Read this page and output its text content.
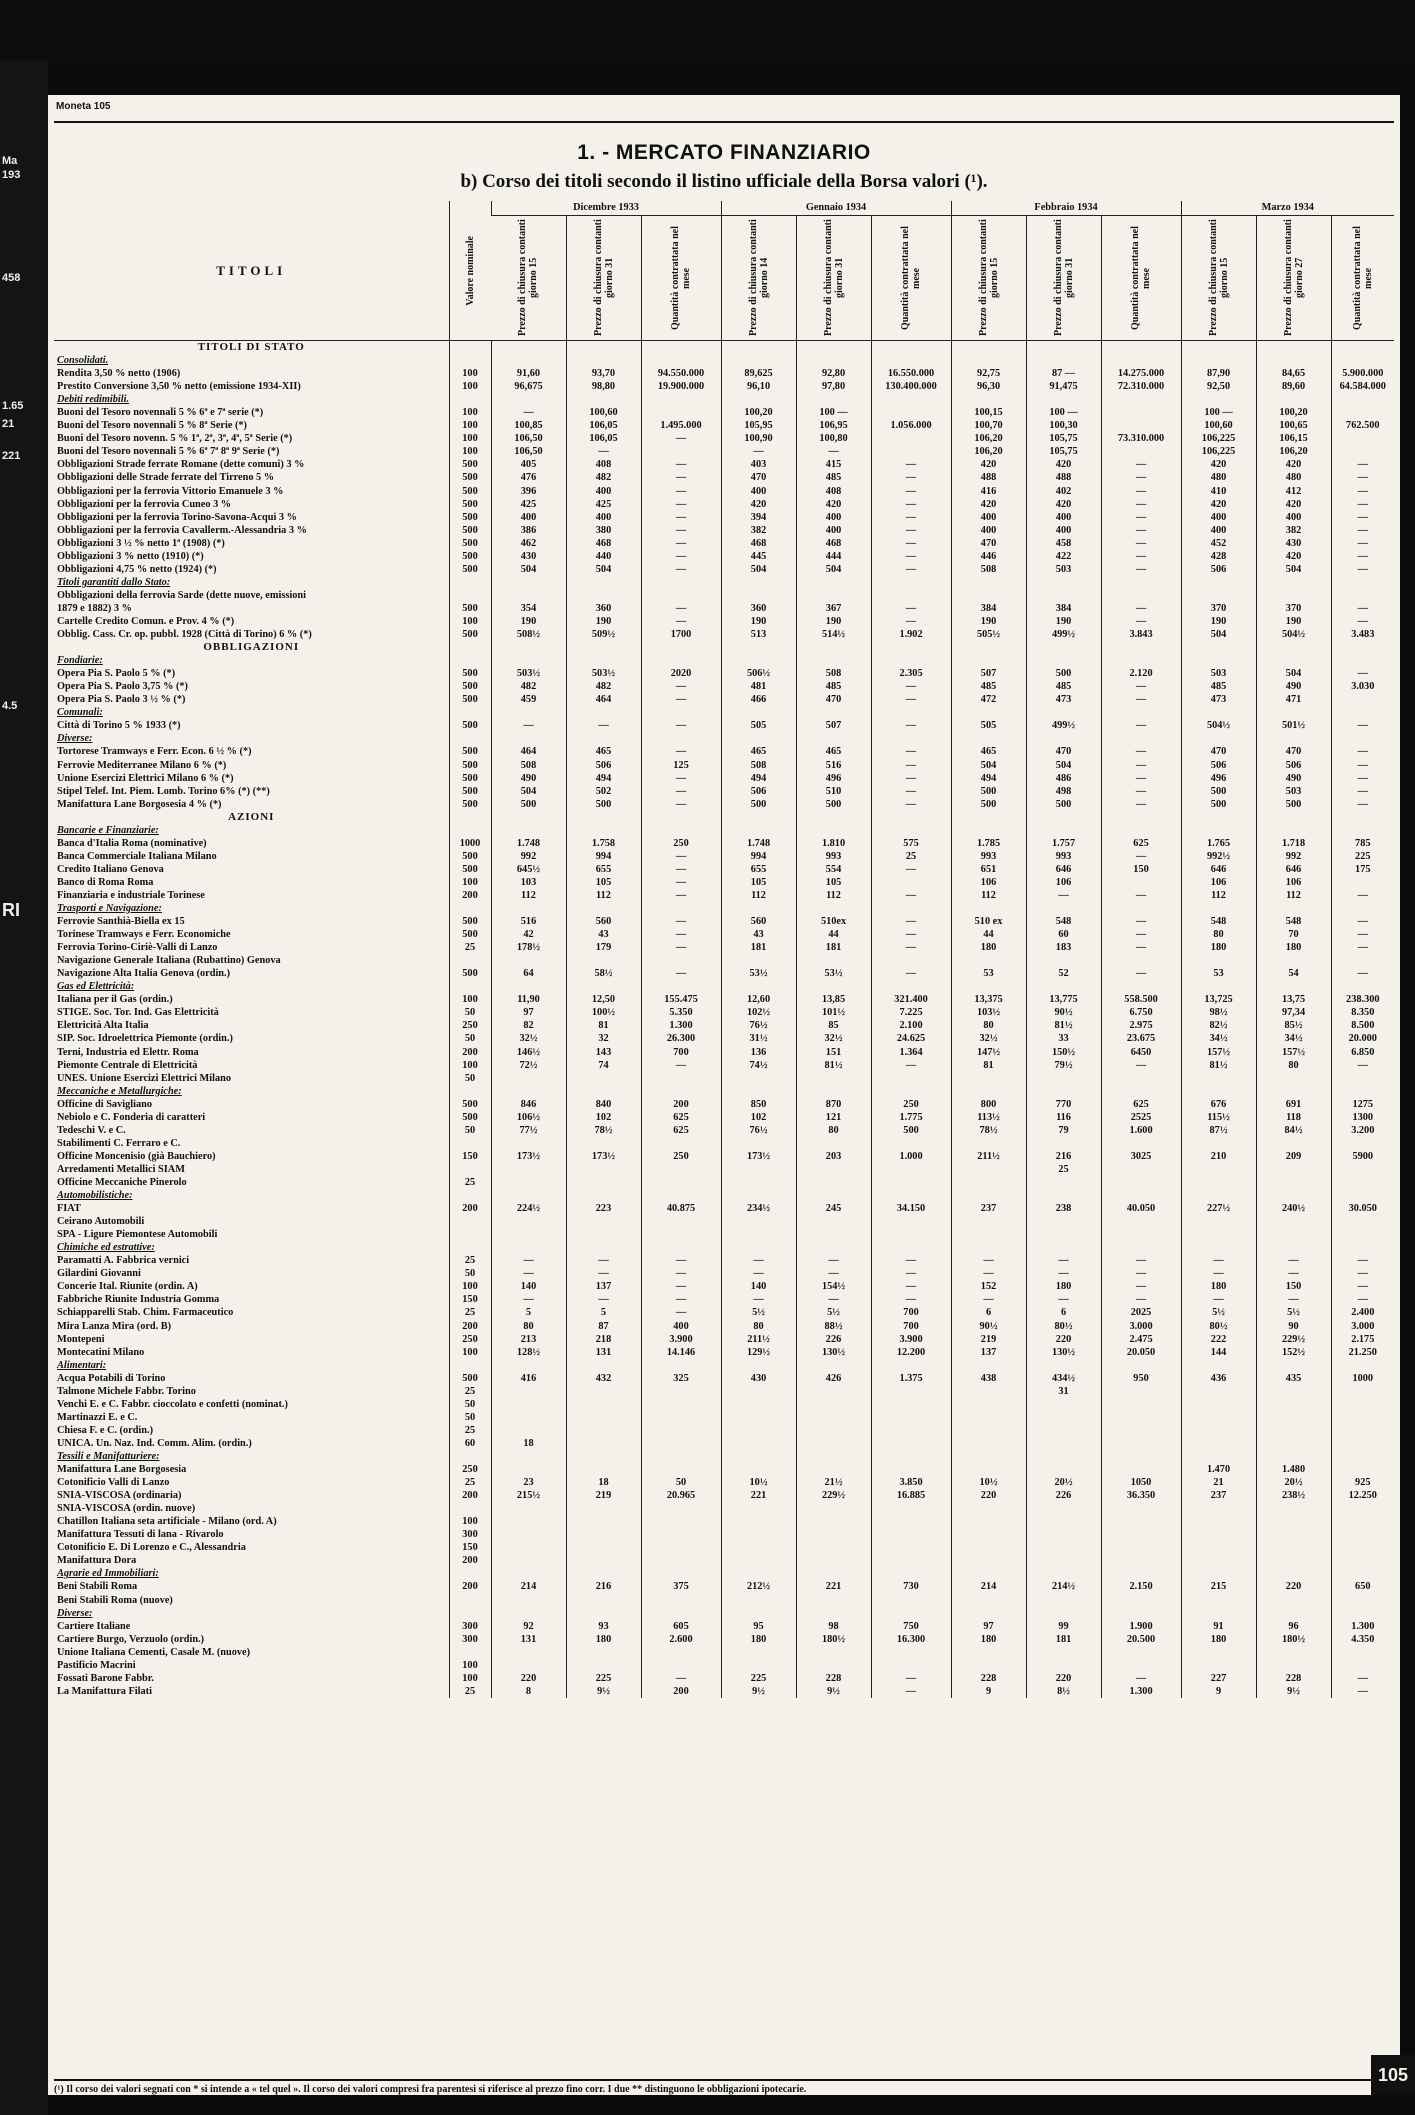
Ma
193
458
1.65
21
221
4.5
RI
Moneta 105
1. - MERCATO FINANZIARIO
b) Corso dei titoli secondo il listino ufficiale della Borsa valori (¹).
TITOLI	Valore nominale	Dicembre 1933			Gennaio 1934			Febbraio 1934			Marzo 1934		

		Prezzo di chiusura contanti giorno 15	Prezzo di chiusura contanti giorno 31	Quantità contrattata nel mese	Prezzo di chiusura contanti giorno 14	Prezzo di chiusura contanti giorno 31	Quantità contrattata nel mese	Prezzo di chiusura contanti giorno 15	Prezzo di chiusura contanti giorno 31	Quantità contrattata nel mese	Prezzo di chiusura contanti giorno 15	Prezzo di chiusura contanti giorno 27	Quantità contrattata nel mese

TITOLI DI STATO													
Consolidati.													
Rendita 3,50 % netto (1906)	100	91,60	93,70	94.550.000	89,625	92,80	16.550.000	92,75	87 —	14.275.000	87,90	84,65	5.900.000
Prestito Conversione 3,50 % netto (emissione 1934-XII)	100	96,675	98,80	19.900.000	96,10	97,80	130.400.000	96,30	91,475	72.310.000	92,50	89,60	64.584.000
Debiti redimibili.													
Buoni del Tesoro novennali 5 % 6ª e 7ª serie (*)	100	—	100,60		100,20	100 —		100,15	100 —		100 —	100,20	
Buoni del Tesoro novennali 5 % 8ª Serie (*)	100	100,85	106,05	1.495.000	105,95	106,95	1.056.000	100,70	100,30		100,60	100,65	762.500
Buoni del Tesoro novenn. 5 % 1ª, 2ª, 3ª, 4ª, 5ª Serie (*)	100	106,50	106,05	—	100,90	100,80		106,20	105,75	73.310.000	106,225	106,15	
Buoni del Tesoro novennali 5 % 6ª 7ª 8ª 9ª Serie (*)	100	106,50	—		—	—		106,20	105,75		106,225	106,20	
Obbligazioni Strade ferrate Romane (dette comuni) 3 %	500	405	408	—	403	415	—	420	420	—	420	420	—
Obbligazioni delle Strade ferrate del Tirreno 5 %	500	476	482	—	470	485	—	488	488	—	480	480	—
Obbligazioni per la ferrovia Vittorio Emanuele 3 %	500	396	400	—	400	408	—	416	402	—	410	412	—
Obbligazioni per la ferrovia Cuneo 3 %	500	425	425	—	420	420	—	420	420	—	420	420	—
Obbligazioni per la ferrovia Torino-Savona-Acqui 3 %	500	400	400	—	394	400	—	400	400	—	400	400	—
Obbligazioni per la ferrovia Cavallerm.-Alessandria 3 %	500	386	380	—	382	400	—	400	400	—	400	382	—
Obbligazioni 3 ½ % netto 1ª (1908) (*)	500	462	468	—	468	468	—	470	458	—	452	430	—
Obbligazioni 3 % netto (1910) (*)	500	430	440	—	445	444	—	446	422	—	428	420	—
Obbligazioni 4,75 % netto (1924) (*)	500	504	504	—	504	504	—	508	503	—	506	504	—
Titoli garantiti dallo Stato:													
Obbligazioni della ferrovia Sarde (dette nuove, emissioni													
1879 e 1882) 3 %	500	354	360	—	360	367	—	384	384	—	370	370	—
Cartelle Credito Comun. e Prov. 4 % (*)	100	190	190	—	190	190	—	190	190	—	190	190	—
Obblig. Cass. Cr. op. pubbl. 1928 (Città di Torino) 6 % (*)	500	508½	509½	1700	513	514½	1.902	505½	499½	3.843	504	504½	3.483
OBBLIGAZIONI													
Fondiarie:													
Opera Pia S. Paolo 5 % (*)	500	503½	503½	2020	506½	508	2.305	507	500	2.120	503	504	—
Opera Pia S. Paolo 3,75 % (*)	500	482	482	—	481	485	—	485	485	—	485	490	3.030
Opera Pia S. Paolo 3 ½ % (*)	500	459	464	—	466	470	—	472	473	—	473	471	
Comunali:													
Città di Torino 5 % 1933 (*)	500	—	—	—	505	507	—	505	499½	—	504½	501½	—
Diverse:													
Tortorese Tramways e Ferr. Econ. 6 ½ % (*)	500	464	465	—	465	465	—	465	470	—	470	470	—
Ferrovie Mediterranee Milano 6 % (*)	500	508	506	125	508	516	—	504	504	—	506	506	—
Unione Esercizi Elettrici Milano 6 % (*)	500	490	494	—	494	496	—	494	486	—	496	490	—
Stipel Telef. Int. Piem. Lomb. Torino 6% (*) (**)	500	504	502	—	506	510	—	500	498	—	500	503	—
Manifattura Lane Borgosesia 4 % (*)	500	500	500	—	500	500	—	500	500	—	500	500	—
AZIONI													
Bancarie e Finanziarie:													
Banca d'Italia Roma (nominative)	1000	1.748	1.758	250	1.748	1.810	575	1.785	1.757	625	1.765	1.718	785
Banca Commerciale Italiana Milano	500	992	994	—	994	993	25	993	993	—	992½	992	225
Credito Italiano Genova	500	645½	655	—	655	554	—	651	646	150	646	646	175
Banco di Roma Roma	100	103	105	—	105	105		106	106		106	106	
Finanziaria e industriale Torinese	200	112	112	—	112	112	—	112	—	—	112	112	—
Trasporti e Navigazione:													
Ferrovie Santhià-Biella ex 15	500	516	560	—	560	510ex	—	510 ex	548	—	548	548	—
Torinese Tramways e Ferr. Economiche	500	42	43	—	43	44	—	44	60	—	80	70	—
Ferrovia Torino-Ciriè-Valli di Lanzo	25	178½	179	—	181	181	—	180	183	—	180	180	—
Navigazione Generale Italiana (Rubattino) Genova													
Navigazione Alta Italia Genova (ordin.)	500	64	58½	—	53½	53½	—	53	52	—	53	54	—
Gas ed Elettricità:													
Italiana per il Gas (ordin.)	100	11,90	12,50	155.475	12,60	13,85	321.400	13,375	13,775	558.500	13,725	13,75	238.300
STIGE. Soc. Tor. Ind. Gas Elettricità	50	97	100½	5.350	102½	101½	7.225	103½	90½	6.750	98½	97,34	8.350
Elettricità Alta Italia	250	82	81	1.300	76½	85	2.100	80	81½	2.975	82½	85½	8.500
SIP. Soc. Idroelettrica Piemonte (ordin.)	50	32½	32	26.300	31½	32½	24.625	32½	33	23.675	34½	34½	20.000
Terni, Industria ed Elettr. Roma	200	146½	143	700	136	151	1.364	147½	150½	6450	157½	157½	6.850
Piemonte Centrale di Elettricità	100	72½	74	—	74½	81½	—	81	79½	—	81½	80	—
UNES. Unione Esercizi Elettrici Milano	50												
Meccaniche e Metallurgiche:													
Officine di Savigliano	500	846	840	200	850	870	250	800	770	625	676	691	1275
Nebiolo e C. Fonderia di caratteri	500	106½	102	625	102	121	1.775	113½	116	2525	115½	118	1300
Tedeschi V. e C.	50	77½	78½	625	76½	80	500	78½	79	1.600	87½	84½	3.200
Stabilimenti C. Ferraro e C.													
Officine Moncenisio (già Bauchiero)	150	173½	173½	250	173½	203	1.000	211½	216	3025	210	209	5900
Arredamenti Metallici SIAM									25				
Officine Meccaniche Pinerolo	25												
Automobilistiche:													
FIAT	200	224½	223	40.875	234½	245	34.150	237	238	40.050	227½	240½	30.050
Ceirano Automobili													
SPA - Ligure Piemontese Automobili													
Chimiche ed estrattive:													
Paramatti A. Fabbrica vernici	25	—	—	—	—	—	—	—	—	—	—	—	—
Gilardini Giovanni	50	—	—	—	—	—	—	—	—	—	—	—	—
Concerie Ital. Riunite (ordin. A)	100	140	137	—	140	154½	—	152	180	—	180	150	—
Fabbriche Riunite Industria Gomma	150	—	—	—	—	—	—	—	—	—	—	—	—
Schiapparelli Stab. Chim. Farmaceutico	25	5	5	—	5½	5½	700	6	6	2025	5½	5½	2.400
Mira Lanza Mira (ord. B)	200	80	87	400	80	88½	700	90½	80½	3.000	80½	90	3.000
Montepeni	250	213	218	3.900	211½	226	3.900	219	220	2.475	222	229½	2.175
Montecatini Milano	100	128½	131	14.146	129½	130½	12.200	137	130½	20.050	144	152½	21.250
Alimentari:													
Acqua Potabili di Torino	500	416	432	325	430	426	1.375	438	434½	950	436	435	1000
Talmone Michele Fabbr. Torino	25								31				
Venchi E. e C. Fabbr. cioccolato e confetti (nominat.)	50												
Martinazzi E. e C.	50												
Chiesa F. e C. (ordin.)	25												
UNICA. Un. Naz. Ind. Comm. Alim. (ordin.)	60	18											
Tessili e Manifatturiere:													
Manifattura Lane Borgosesia	250										1.470	1.480	
Cotonificio Valli di Lanzo	25	23	18	50	10½	21½	3.850	10½	20½	1050	21	20½	925
SNIA-VISCOSA (ordinaria)	200	215½	219	20.965	221	229½	16.885	220	226	36.350	237	238½	12.250
SNIA-VISCOSA (ordin. nuove)													
Chatillon Italiana seta artificiale - Milano (ord. A)	100												
Manifattura Tessuti di lana - Rivarolo	300												
Cotonificio E. Di Lorenzo e C., Alessandria	150												
Manifattura Dora	200												
Agrarie ed Immobiliari:													
Beni Stabili Roma	200	214	216	375	212½	221	730	214	214½	2.150	215	220	650
Beni Stabili Roma (nuove)													
Diverse:													
Cartiere Italiane	300	92	93	605	95	98	750	97	99	1.900	91	96	1.300
Cartiere Burgo, Verzuolo (ordin.)	300	131	180	2.600	180	180½	16.300	180	181	20.500	180	180½	4.350
Unione Italiana Cementi, Casale M. (nuove)													
Pastificio Macrini	100												
Fossati Barone Fabbr.	100	220	225	—	225	228	—	228	220	—	227	228	—
La Manifattura Filati	25	8	9½	200	9½	9½	—	9	8½	1.300	9	9½	—
(¹) Il corso dei valori segnati con * si intende a « tel quel ». Il corso dei valori compresi fra parentesi si riferisce al prezzo fino corr. I due ** distinguono le obbligazioni ipotecarie.
105
